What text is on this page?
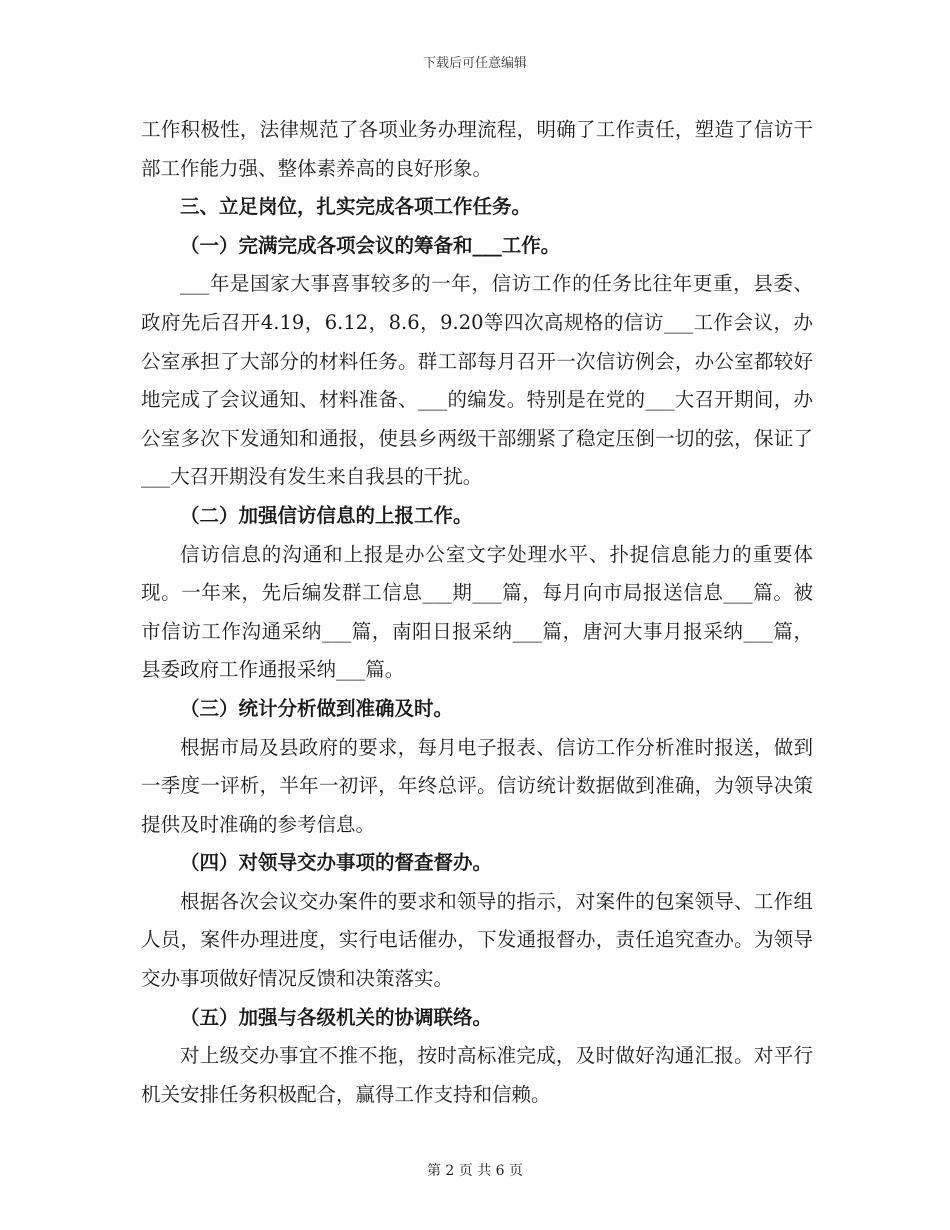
下载后可任意编辑

工作积极性，法律规范了各项业务办理流程，明确了工作责任，塑造了信访干部工作能力强、整体素养高的良好形象。

三、立足岗位，扎实完成各项工作任务。

（一）完满完成各项会议的筹备和___工作。

___年是国家大事喜事较多的一年，信访工作的任务比往年更重，县委、政府先后召开4.19，6.12，8.6，9.20等四次高规格的信访___工作会议，办公室承担了大部分的材料任务。群工部每月召开一次信访例会，办公室都较好地完成了会议通知、材料准备、___的编发。特别是在党的___大召开期间，办公室多次下发通知和通报，使县乡两级干部绷紧了稳定压倒一切的弦，保证了___大召开期没有发生来自我县的干扰。

（二）加强信访信息的上报工作。

信访信息的沟通和上报是办公室文字处理水平、扑捉信息能力的重要体现。一年来，先后编发群工信息___期___篇，每月向市局报送信息___篇。被市信访工作沟通采纳___篇，南阳日报采纳___篇，唐河大事月报采纳___篇，县委政府工作通报采纳___篇。

（三）统计分析做到准确及时。

根据市局及县政府的要求，每月电子报表、信访工作分析准时报送，做到一季度一评析，半年一初评，年终总评。信访统计数据做到准确，为领导决策提供及时准确的参考信息。

（四）对领导交办事项的督查督办。

根据各次会议交办案件的要求和领导的指示，对案件的包案领导、工作组人员，案件办理进度，实行电话催办，下发通报督办，责任追究查办。为领导交办事项做好情况反馈和决策落实。

（五）加强与各级机关的协调联络。

对上级交办事宜不推不拖，按时高标准完成，及时做好沟通汇报。对平行机关安排任务积极配合，赢得工作支持和信赖。

第 2 页 共 6 页
